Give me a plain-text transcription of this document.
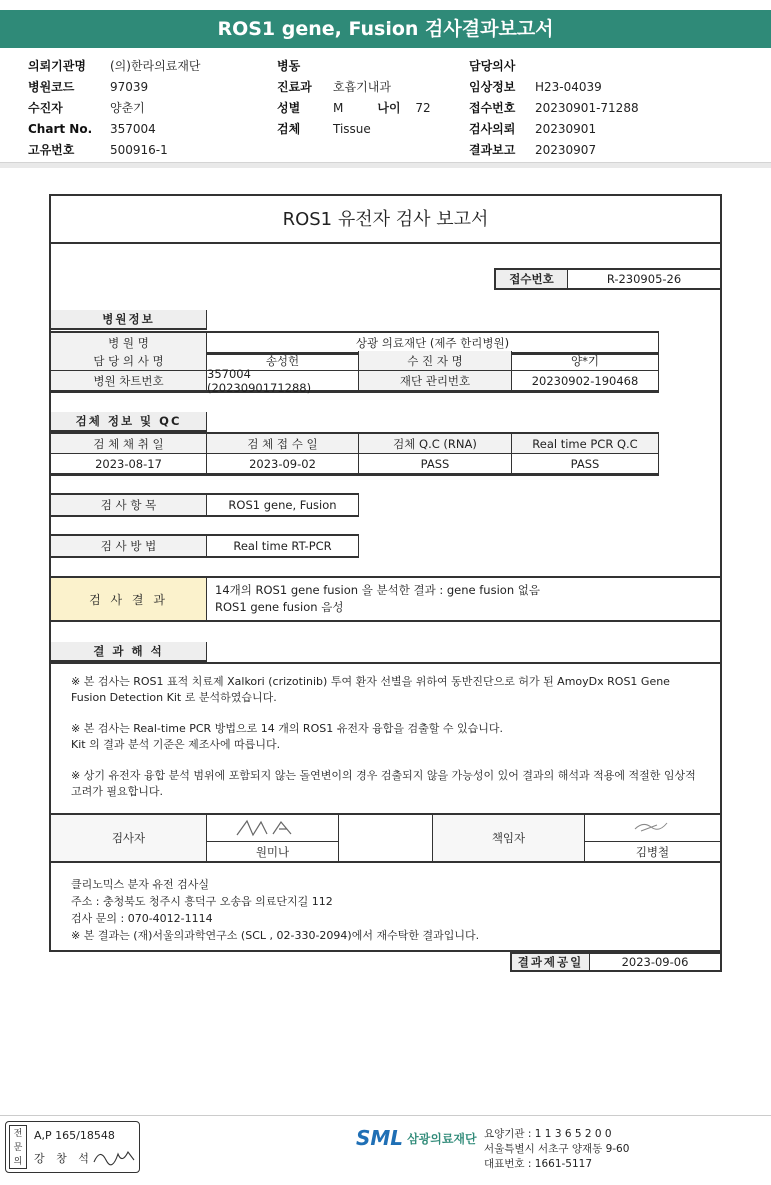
ROS1 gene, Fusion 검사결과보고서
의뢰기관명	(의)한라의료재단
병원코드	97039
수진자	양춘기
Chart No.	357004
고유번호	500916-1
병동
진료과	호흡기내과
성별	M	나이	72
검체	Tissue
담당의사
임상정보	H23-04039
접수번호	20230901-71288
검사의뢰	20230901
결과보고	20230907
ROS1 유전자 검사 보고서
접수번호	R-230905-26
병원정보
병 원 명	상광 의료재단 (제주 한리병원)
담 당 의 사 명	송성헌	수 진 자 명	양*기
병원 차트번호	357004 (2023090171288)	재단 관리번호	20230902-190468
검체 정보 및 QC
검 체 채 취 일	검 체 접 수 일	검체 Q.C (RNA)	Real time PCR Q.C
2023-08-17	2023-09-02	PASS	PASS
검 사 항 목	ROS1 gene, Fusion
검 사 방 법	Real time RT-PCR
검 사 결 과
14개의 ROS1 gene fusion 을 분석한 결과 : gene fusion 없음
ROS1 gene fusion 음성
결 과 해 석

※ 본 검사는 ROS1 표적 치료제 Xalkori (crizotinib) 투여 환자 선별을 위하여 동반진단으로 허가 된 AmoyDx ROS1 Gene Fusion Detection Kit 로 분석하였습니다.

※ 본 검사는 Real-time PCR 방법으로 14 개의 ROS1 유전자 융합을 검출할 수 있습니다.
Kit 의 결과 분석 기준은 제조사에 따릅니다.

※ 상기 유전자 융합 분석 범위에 포함되지 않는 돌연변이의 경우 검출되지 않을 가능성이 있어 결과의 해석과 적용에 적절한 임상적 고려가 필요합니다.

검사자
원미나
책임자
김병철
클리노믹스 분자 유전 검사실
주소 : 충청북도 청주시 흥덕구 오송읍 의료단지길 112
검사 문의 : 070-4012-1114
※ 본 결과는 (재)서울의과학연구소 (SCL , 02-330-2094)에서 재수탁한 결과입니다.
결과제공일	2023-09-06
전문의
A,P 165/18548
강 창 석
SML 삼광의료재단 요양기관 : 1 1 3 6 5 2 0 0
서울특별시 서초구 양재동 9-60
대표번호 : 1661-5117
